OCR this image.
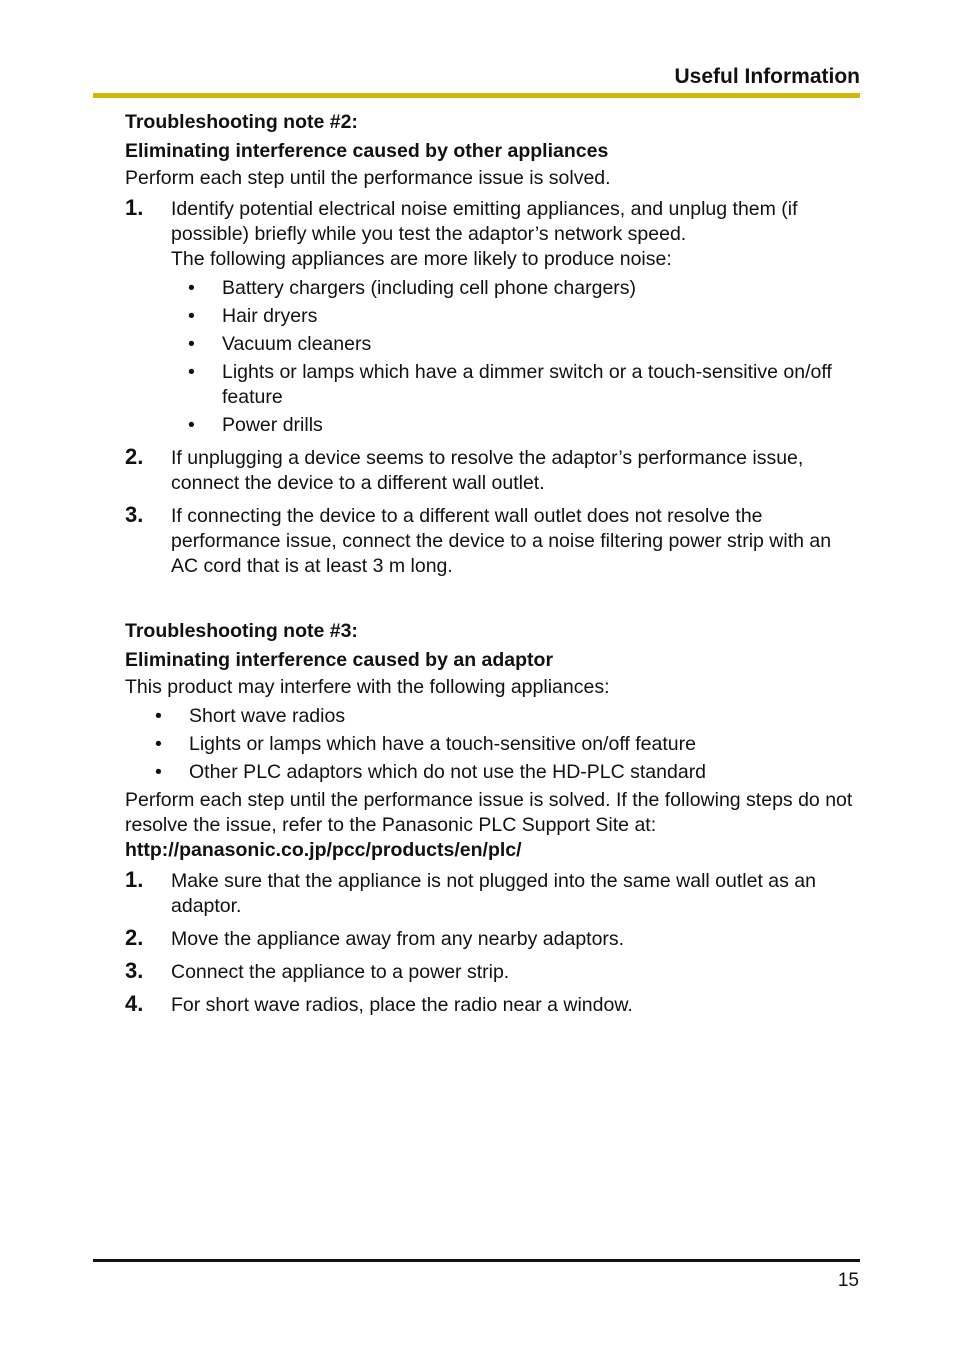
Useful Information

Troubleshooting note #2:

Eliminating interference caused by other appliances

Perform each step until the performance issue is solved.

1. Identify potential electrical noise emitting appliances, and unplug them (if possible) briefly while you test the adaptor’s network speed.
The following appliances are more likely to produce noise:
• Battery chargers (including cell phone chargers)
• Hair dryers
• Vacuum cleaners
• Lights or lamps which have a dimmer switch or a touch-sensitive on/off feature
• Power drills
2. If unplugging a device seems to resolve the adaptor’s performance issue, connect the device to a different wall outlet.
3. If connecting the device to a different wall outlet does not resolve the performance issue, connect the device to a noise filtering power strip with an AC cord that is at least 3 m long.

Troubleshooting note #3:

Eliminating interference caused by an adaptor

This product may interfere with the following appliances:

• Short wave radios
• Lights or lamps which have a touch-sensitive on/off feature
• Other PLC adaptors which do not use the HD-PLC standard

Perform each step until the performance issue is solved. If the following steps do not resolve the issue, refer to the Panasonic PLC Support Site at:

http://panasonic.co.jp/pcc/products/en/plc/

1. Make sure that the appliance is not plugged into the same wall outlet as an adaptor.
2. Move the appliance away from any nearby adaptors.
3. Connect the appliance to a power strip.
4. For short wave radios, place the radio near a window.
15
